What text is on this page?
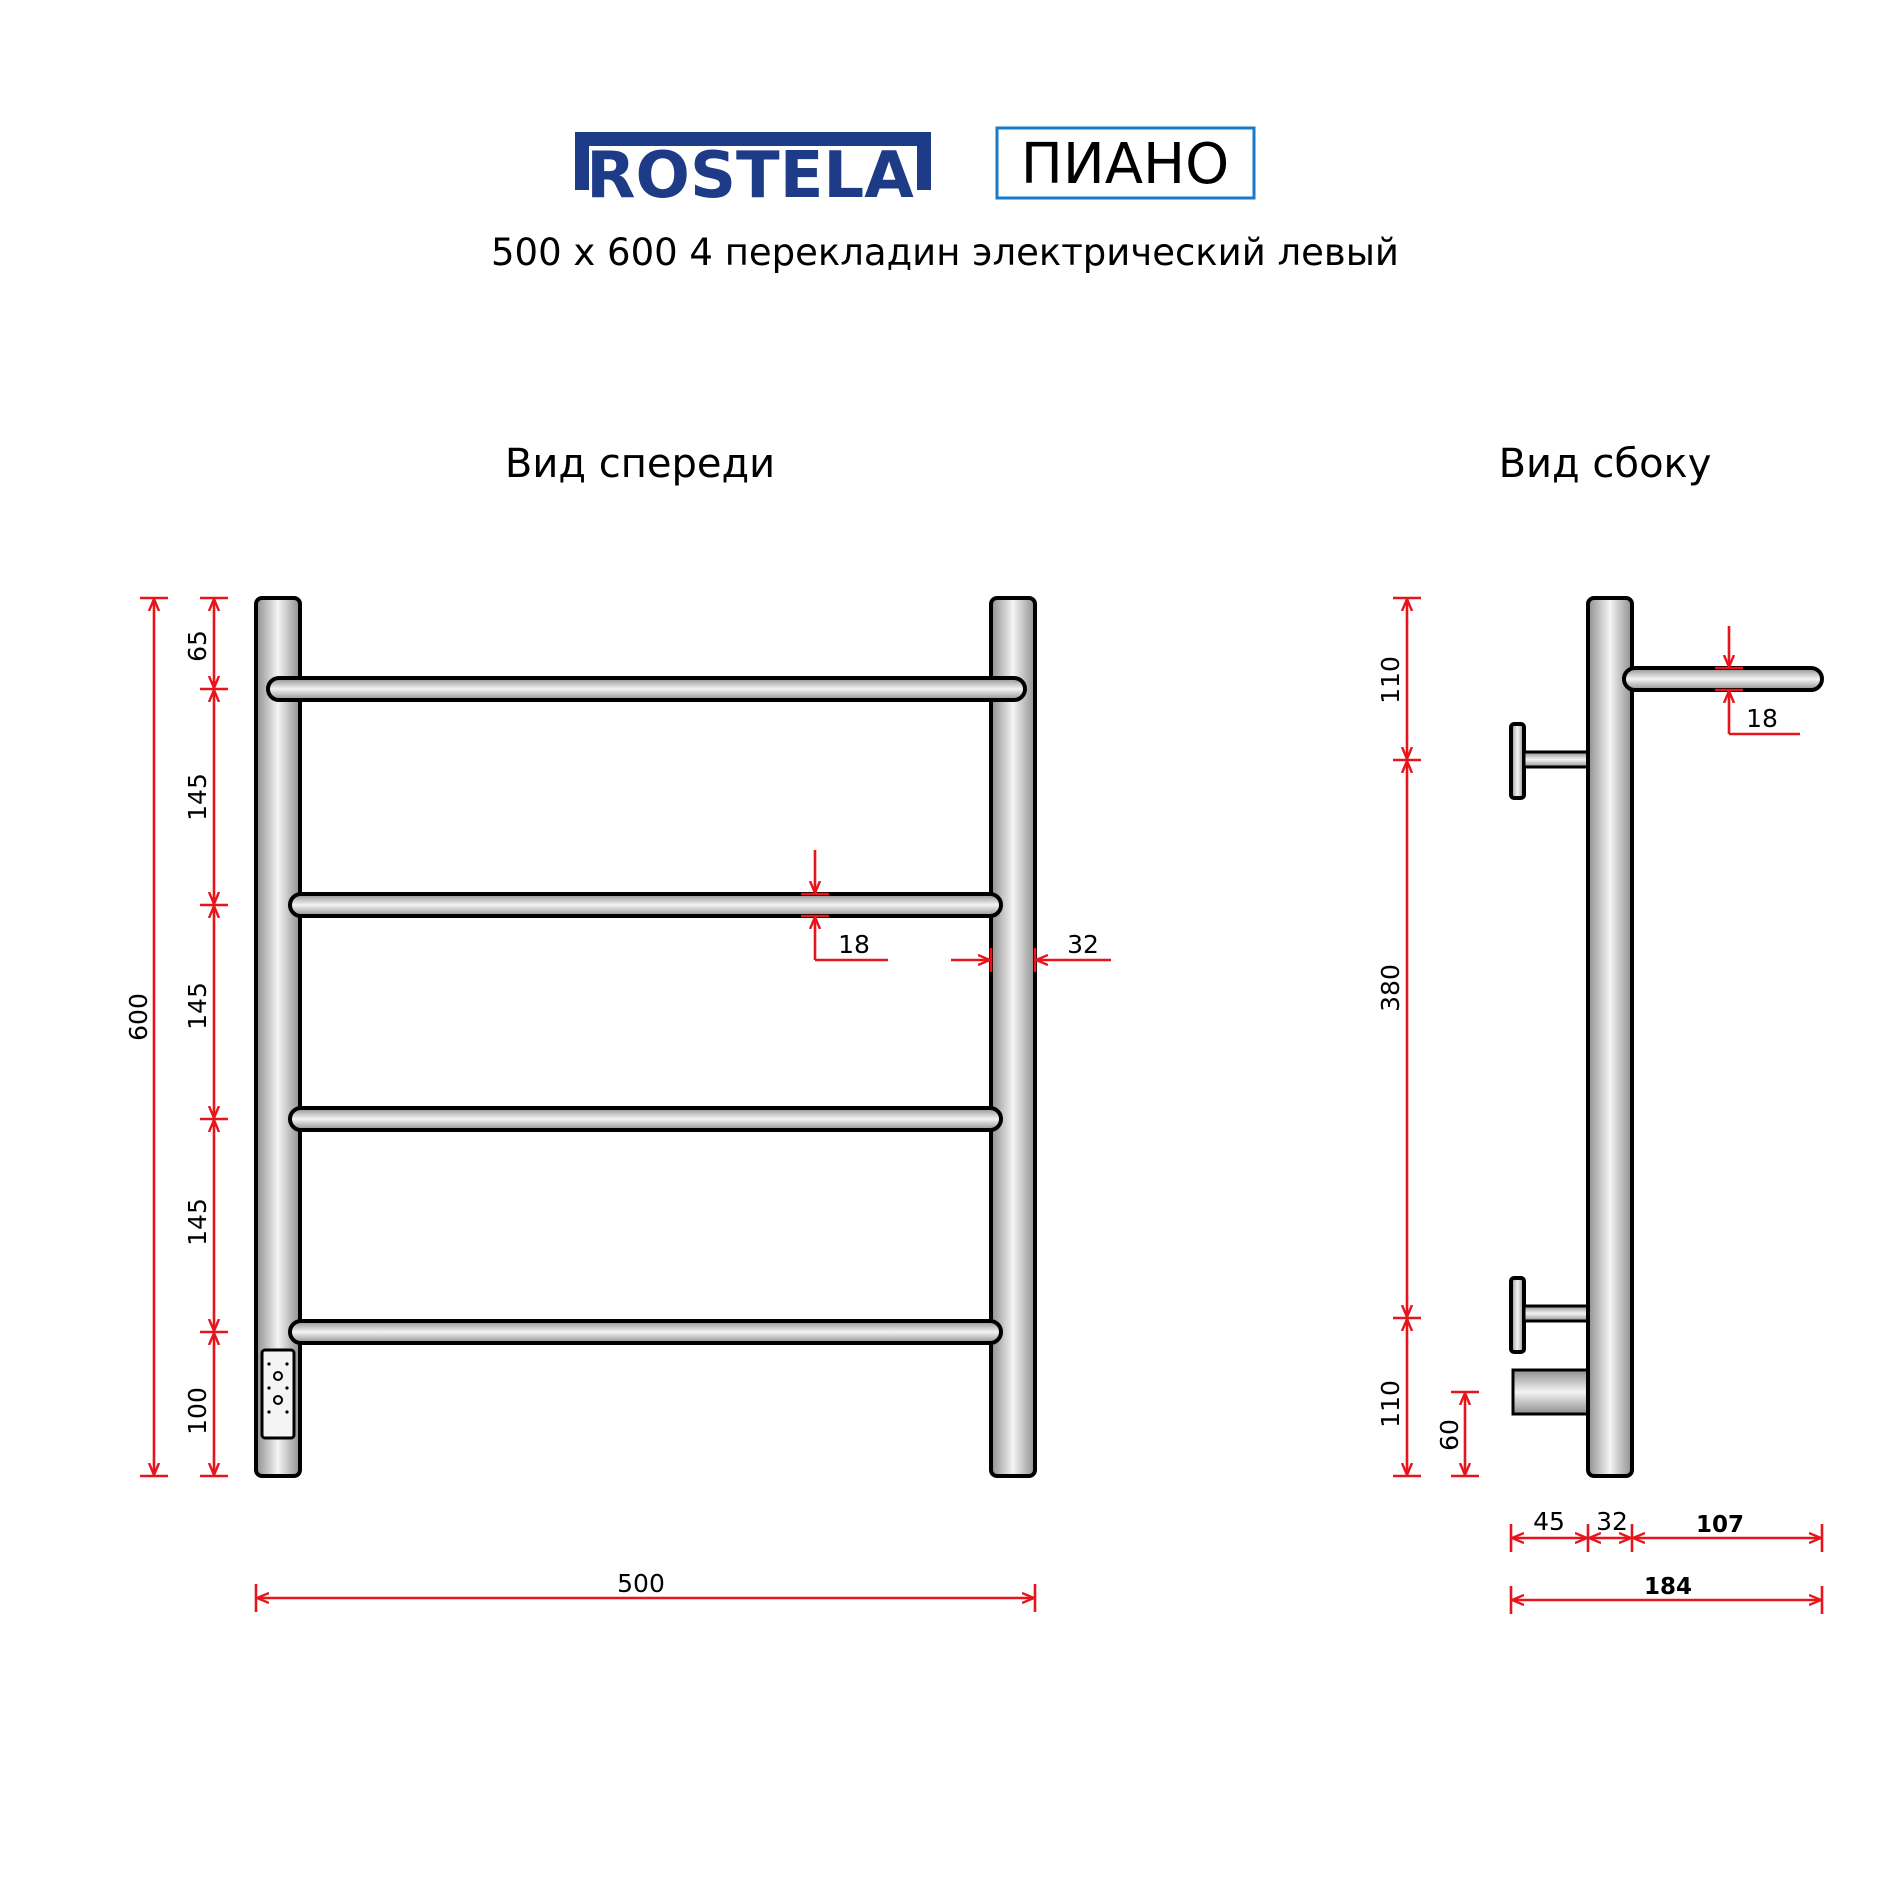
ROSTELA ПИАНО
500 х 600 4 перекладин электрический левый
Вид спереди	Вид сбоку
600
65
145
145
145
100
500
18	32
110
380
110
60
18
45 32	107
184
